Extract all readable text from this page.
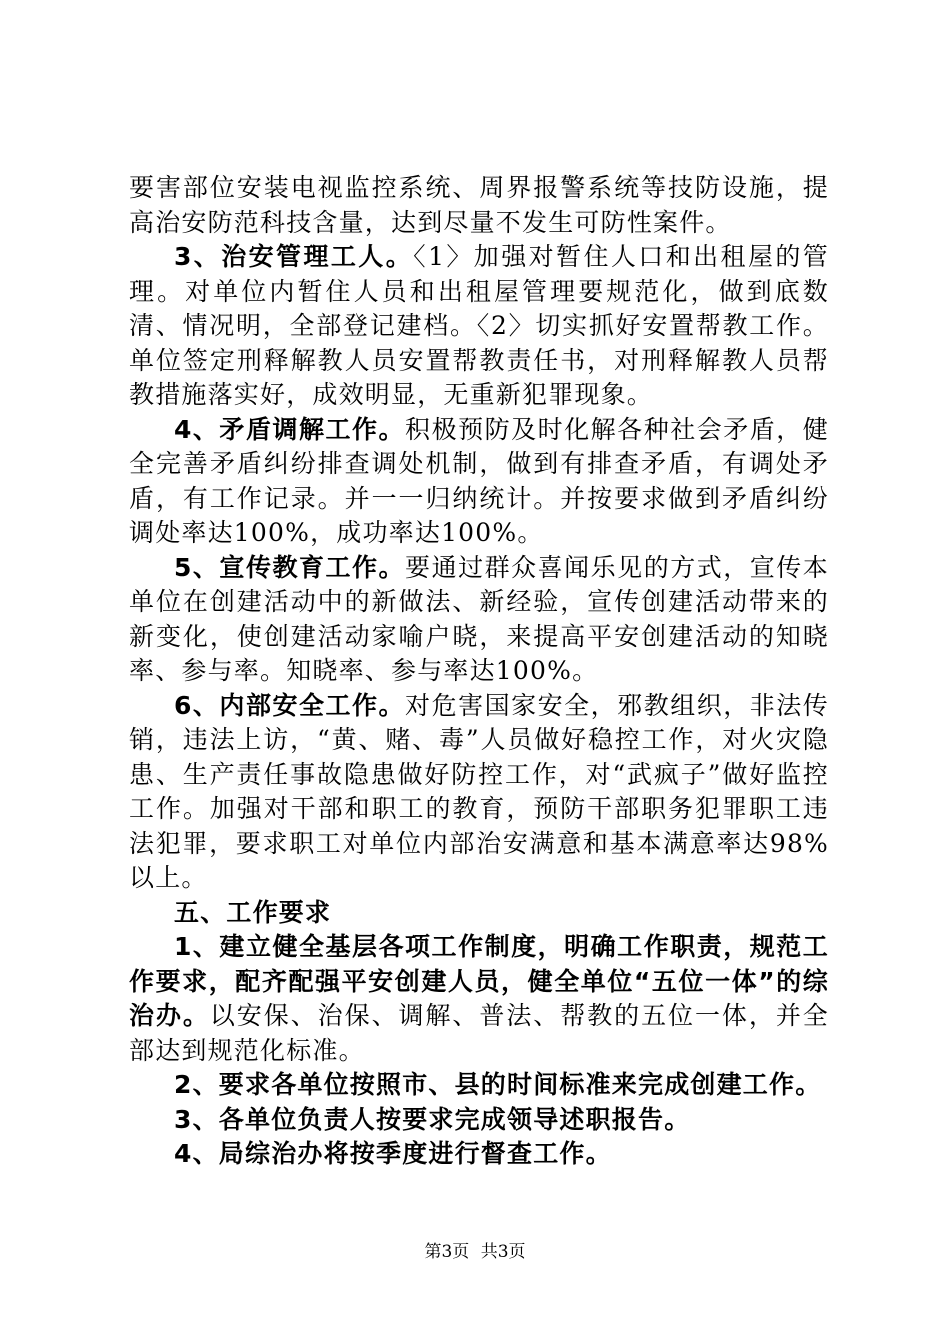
要害部位安装电视监控系统、周界报警系统等技防设施，提高治安防范科技含量，达到尽量不发生可防性案件。

3、治安管理工人。〈1〉加强对暂住人口和出租屋的管理。对单位内暂住人员和出租屋管理要规范化，做到底数清、情况明，全部登记建档。〈2〉切实抓好安置帮教工作。单位签定刑释解教人员安置帮教责任书，对刑释解教人员帮教措施落实好，成效明显，无重新犯罪现象。

4、矛盾调解工作。积极预防及时化解各种社会矛盾，健全完善矛盾纠纷排查调处机制，做到有排查矛盾，有调处矛盾，有工作记录。并一一归纳统计。并按要求做到矛盾纠纷调处率达100%，成功率达100%。

5、宣传教育工作。要通过群众喜闻乐见的方式，宣传本单位在创建活动中的新做法、新经验，宣传创建活动带来的新变化，使创建活动家喻户晓，来提高平安创建活动的知晓率、参与率。知晓率、参与率达100%。

6、内部安全工作。对危害国家安全，邪教组织，非法传销，违法上访，“黄、赌、毒”人员做好稳控工作，对火灾隐患、生产责任事故隐患做好防控工作，对“武疯子”做好监控工作。加强对干部和职工的教育，预防干部职务犯罪职工违法犯罪，要求职工对单位内部治安满意和基本满意率达98%以上。

五、工作要求

1、建立健全基层各项工作制度，明确工作职责，规范工作要求，配齐配强平安创建人员，健全单位“五位一体”的综治办。以安保、治保、调解、普法、帮教的五位一体，并全部达到规范化标准。

2、要求各单位按照市、县的时间标准来完成创建工作。

3、各单位负责人按要求完成领导述职报告。

4、局综治办将按季度进行督查工作。

第3页 共3页
